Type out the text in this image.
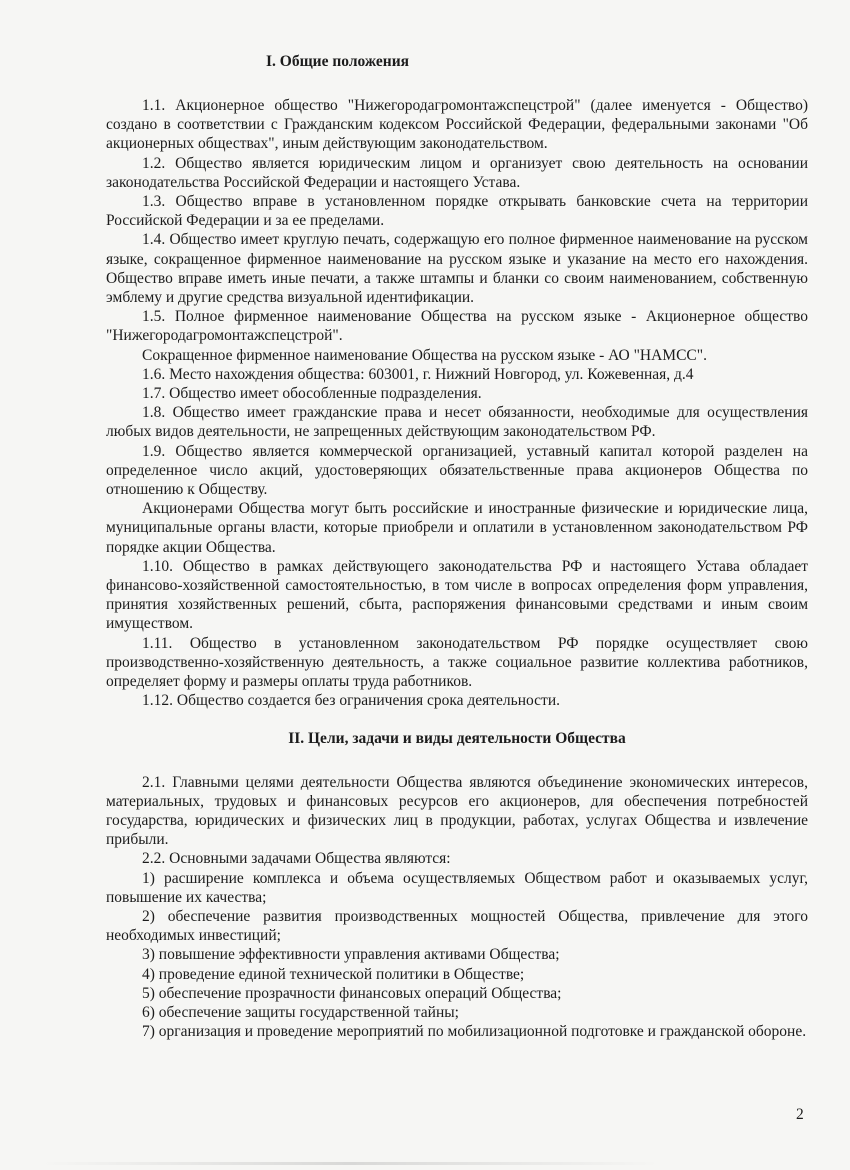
I. Общие положения

1.1. Акционерное общество "Нижегородагромонтажспецстрой" (далее именуется - Общество) создано в соответствии с Гражданским кодексом Российской Федерации, федеральными законами "Об акционерных обществах", иным действующим законодательством.

1.2. Общество является юридическим лицом и организует свою деятельность на основании законодательства Российской Федерации и настоящего Устава.

1.3. Общество вправе в установленном порядке открывать банковские счета на территории Российской Федерации и за ее пределами.

1.4. Общество имеет круглую печать, содержащую его полное фирменное наименование на русском языке, сокращенное фирменное наименование на русском языке и указание на место его нахождения. Общество вправе иметь иные печати, а также штампы и бланки со своим наименованием, собственную эмблему и другие средства визуальной идентификации.

1.5. Полное фирменное наименование Общества на русском языке - Акционерное общество "Нижегородагромонтажспецстрой".

Сокращенное фирменное наименование Общества на русском языке - АО "НАМСС".

1.6. Место нахождения общества: 603001, г. Нижний Новгород, ул. Кожевенная, д.4

1.7. Общество имеет обособленные подразделения.

1.8. Общество имеет гражданские права и несет обязанности, необходимые для осуществления любых видов деятельности, не запрещенных действующим законодательством РФ.

1.9. Общество является коммерческой организацией, уставный капитал которой разделен на определенное число акций, удостоверяющих обязательственные права акционеров Общества по отношению к Обществу.

Акционерами Общества могут быть российские и иностранные физические и юридические лица, муниципальные органы власти, которые приобрели и оплатили в установленном законодательством РФ порядке акции Общества.

1.10. Общество в рамках действующего законодательства РФ и настоящего Устава обладает финансово-хозяйственной самостоятельностью, в том числе в вопросах определения форм управления, принятия хозяйственных решений, сбыта, распоряжения финансовыми средствами и иным своим имуществом.

1.11. Общество в установленном законодательством РФ порядке осуществляет свою производственно-хозяйственную деятельность, а также социальное развитие коллектива работников, определяет форму и размеры оплаты труда работников.

1.12. Общество создается без ограничения срока деятельности.

II. Цели, задачи и виды деятельности Общества

2.1. Главными целями деятельности Общества являются объединение экономических интересов, материальных, трудовых и финансовых ресурсов его акционеров, для обеспечения потребностей государства, юридических и физических лиц в продукции, работах, услугах Общества и извлечение прибыли.

2.2. Основными задачами Общества являются:

1) расширение комплекса и объема осуществляемых Обществом работ и оказываемых услуг, повышение их качества;

2) обеспечение развития производственных мощностей Общества, привлечение для этого необходимых инвестиций;

3) повышение эффективности управления активами Общества;

4) проведение единой технической политики в Обществе;

5) обеспечение прозрачности финансовых операций Общества;

6) обеспечение защиты государственной тайны;

7) организация и проведение мероприятий по мобилизационной подготовке и гражданской обороне.

2
